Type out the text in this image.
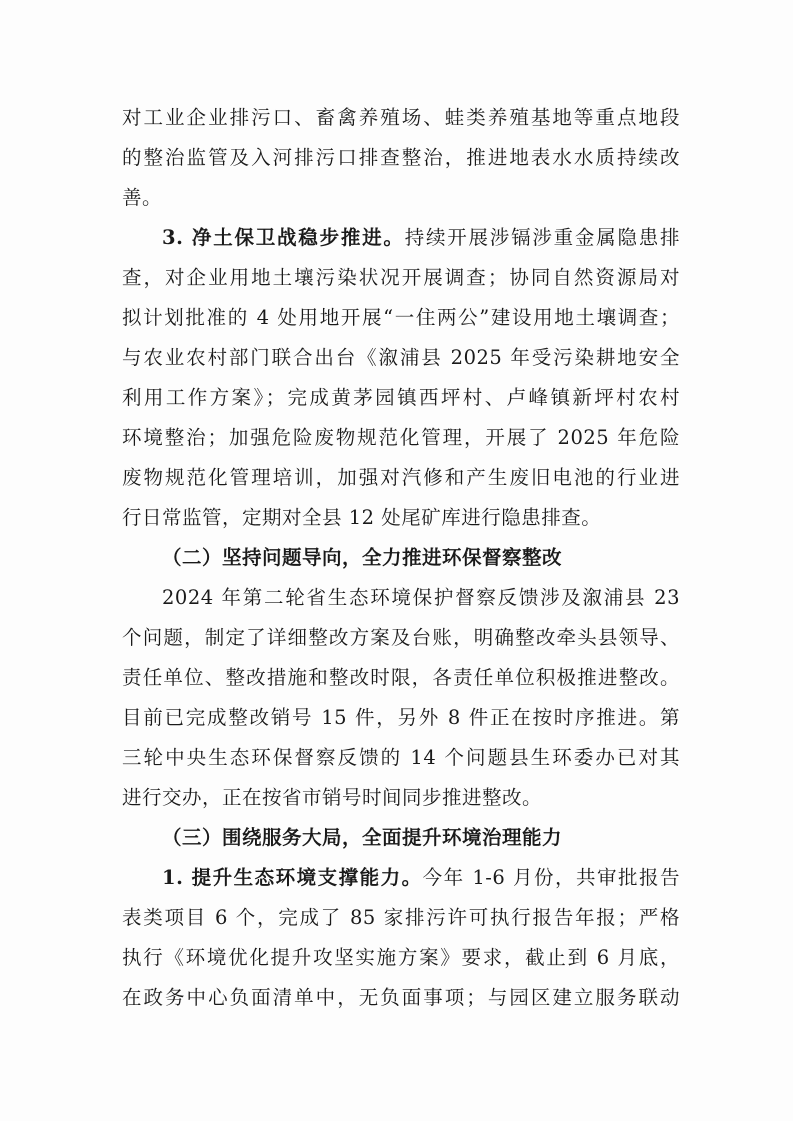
对工业企业排污口、畜禽养殖场、蛙类养殖基地等重点地段
的整治监管及入河排污口排查整治，推进地表水水质持续改
善。
3. 净土保卫战稳步推进。持续开展涉镉涉重金属隐患排
查，对企业用地土壤污染状况开展调查；协同自然资源局对
拟计划批准的 4 处用地开展“一住两公”建设用地土壤调查；
与农业农村部门联合出台《溆浦县 2025 年受污染耕地安全
利用工作方案》；完成黄茅园镇西坪村、卢峰镇新坪村农村
环境整治；加强危险废物规范化管理，开展了 2025 年危险
废物规范化管理培训，加强对汽修和产生废旧电池的行业进
行日常监管，定期对全县 12 处尾矿库进行隐患排查。
（二）坚持问题导向，全力推进环保督察整改
2024 年第二轮省生态环境保护督察反馈涉及溆浦县 23
个问题，制定了详细整改方案及台账，明确整改牵头县领导、
责任单位、整改措施和整改时限，各责任单位积极推进整改。
目前已完成整改销号 15 件，另外 8 件正在按时序推进。第
三轮中央生态环保督察反馈的 14 个问题县生环委办已对其
进行交办，正在按省市销号时间同步推进整改。
（三）围绕服务大局，全面提升环境治理能力
1. 提升生态环境支撑能力。今年 1-6 月份，共审批报告
表类项目 6 个，完成了 85 家排污许可执行报告年报；严格
执行《环境优化提升攻坚实施方案》要求，截止到 6 月底，
在政务中心负面清单中，无负面事项；与园区建立服务联动
